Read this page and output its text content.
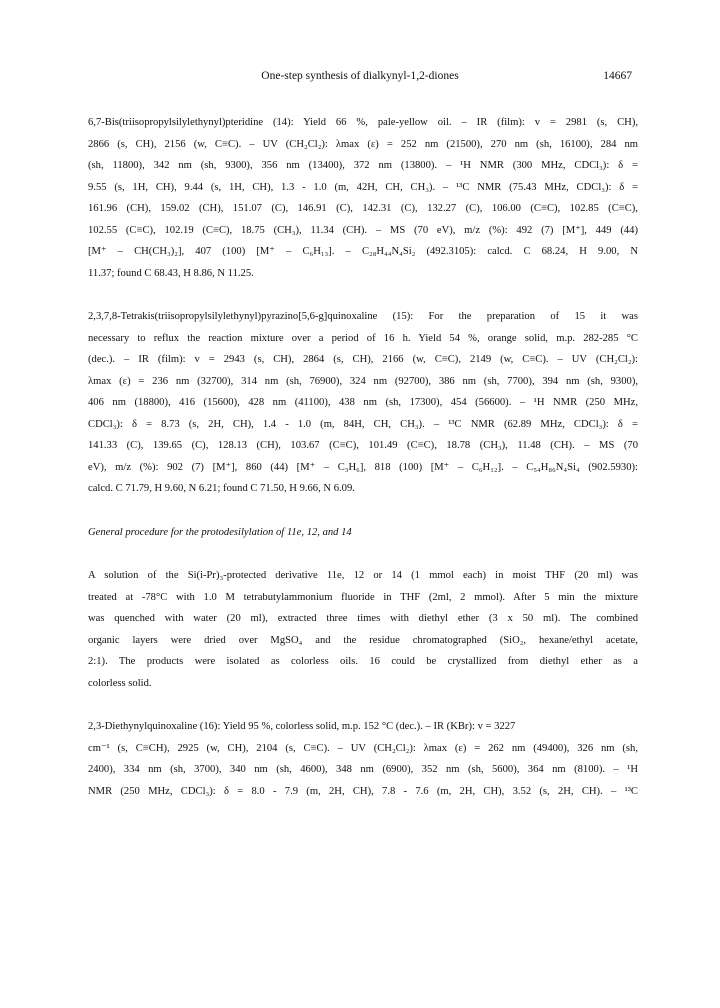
One-step synthesis of dialkynyl-1,2-diones	14667
6,7-Bis(triisopropylsilylethynyl)pteridine (14): Yield 66 %, pale-yellow oil. – IR (film): v = 2981 (s, CH),
2866 (s, CH), 2156 (w, C≡C). – UV (CH₂Cl₂): λmax (ε) = 252 nm (21500), 270 nm (sh, 16100), 284 nm
(sh, 11800), 342 nm (sh, 9300), 356 nm (13400), 372 nm (13800). – ¹H NMR (300 MHz, CDCl₃): δ =
9.55 (s, 1H, CH), 9.44 (s, 1H, CH), 1.3 - 1.0 (m, 42H, CH, CH₃). – ¹³C NMR (75.43 MHz, CDCl₃): δ =
161.96 (CH), 159.02 (CH), 151.07 (C), 146.91 (C), 142.31 (C), 132.27 (C), 106.00 (C≡C), 102.85 (C≡C),
102.55 (C≡C), 102.19 (C≡C), 18.75 (CH₃), 11.34 (CH). – MS (70 eV), m/z (%): 492 (7) [M⁺], 449 (44)
[M⁺ – CH(CH₃)₂], 407 (100) [M⁺ – C₆H₁₃]. – C₂₈H₄₄N₄Si₂ (492.3105): calcd. C 68.24, H 9.00, N
11.37; found C 68.43, H 8.86, N 11.25.
2,3,7,8-Tetrakis(triisopropylsilylethynyl)pyrazino[5,6-g]quinoxaline (15): For the preparation of 15 it was
necessary to reflux the reaction mixture over a period of 16 h. Yield 54 %, orange solid, m.p. 282-285 °C
(dec.). – IR (film): v = 2943 (s, CH), 2864 (s, CH), 2166 (w, C≡C), 2149 (w, C≡C). – UV (CH₂Cl₂):
λmax (ε) = 236 nm (32700), 314 nm (sh, 76900), 324 nm (92700), 386 nm (sh, 7700), 394 nm (sh, 9300),
406 nm (18800), 416 (15600), 428 nm (41100), 438 nm (sh, 17300), 454 (56600). – ¹H NMR (250 MHz,
CDCl₃): δ = 8.73 (s, 2H, CH), 1.4 - 1.0 (m, 84H, CH, CH₃). – ¹³C NMR (62.89 MHz, CDCl₃): δ =
141.33 (C), 139.65 (C), 128.13 (CH), 103.67 (C≡C), 101.49 (C≡C), 18.78 (CH₃), 11.48 (CH). – MS (70
eV), m/z (%): 902 (7) [M⁺], 860 (44) [M⁺ – C₃H₆], 818 (100) [M⁺ – C₆H₁₂]. – C₅₄H₈₆N₄Si₄ (902.5930):
calcd. C 71.79, H 9.60, N 6.21; found C 71.50, H 9.66, N 6.09.
General procedure for the protodesilylation of 11e, 12, and 14
A solution of the Si(i-Pr)₃-protected derivative 11e, 12 or 14 (1 mmol each) in moist THF (20 ml) was
treated at -78°C with 1.0 M tetrabutylammonium fluoride in THF (2ml, 2 mmol). After 5 min the mixture
was quenched with water (20 ml), extracted three times with diethyl ether (3 x 50 ml). The combined
organic layers were dried over MgSO₄ and the residue chromatographed (SiO₂, hexane/ethyl acetate,
2:1). The products were isolated as colorless oils. 16 could be crystallized from diethyl ether as a
colorless solid.
2,3-Diethynylquinoxaline (16): Yield 95 %, colorless solid, m.p. 152 °C (dec.). – IR (KBr): v = 3227
cm⁻¹ (s, C≡CH), 2925 (w, CH), 2104 (s, C≡C). – UV (CH₂Cl₂): λmax (ε) = 262 nm (49400), 326 nm (sh,
2400), 334 nm (sh, 3700), 340 nm (sh, 4600), 348 nm (6900), 352 nm (sh, 5600), 364 nm (8100). – ¹H
NMR (250 MHz, CDCl₃): δ = 8.0 - 7.9 (m, 2H, CH), 7.8 - 7.6 (m, 2H, CH), 3.52 (s, 2H, CH). – ¹³C
